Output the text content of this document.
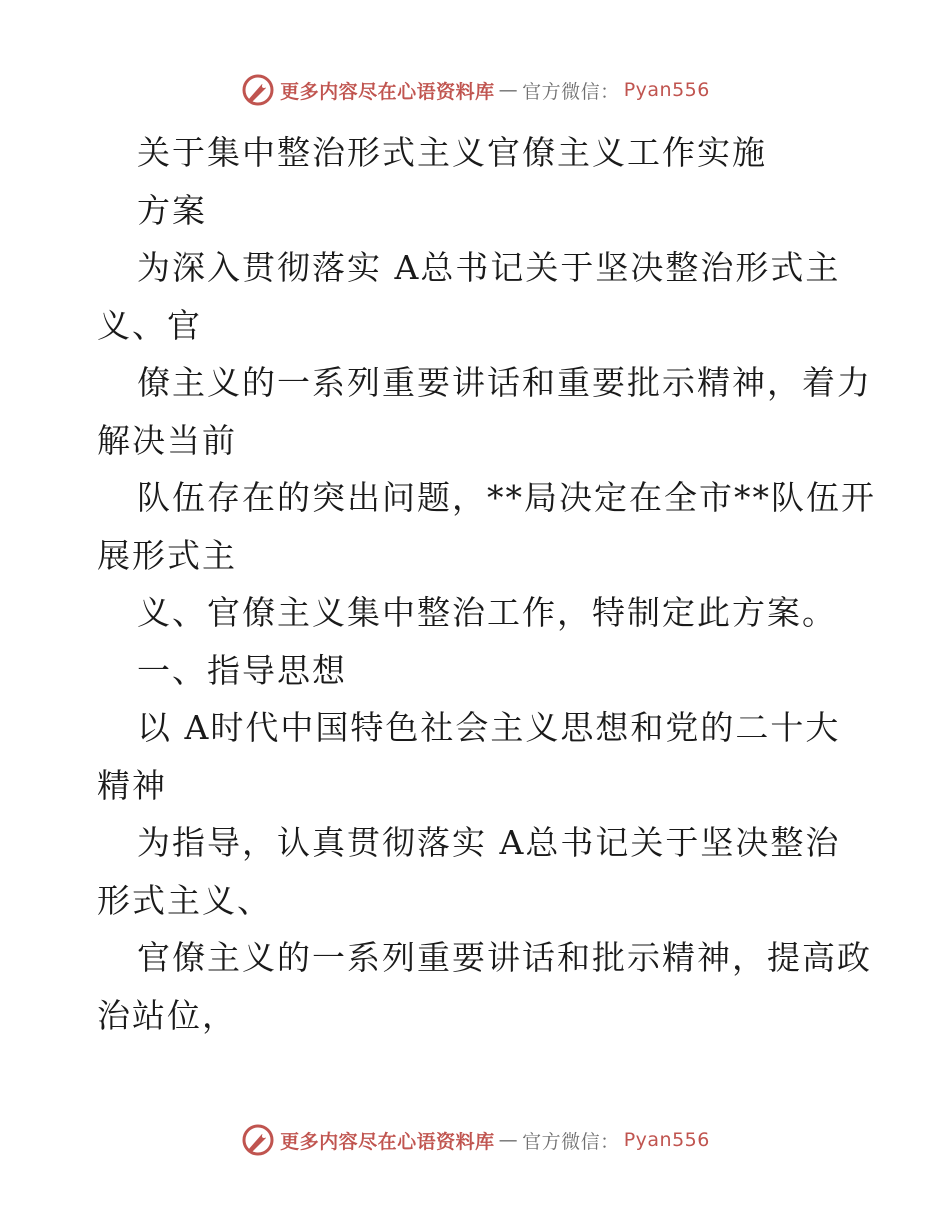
更多内容尽在心语资料库 — 官方微信： Pyan556
关于集中整治形式主义官僚主义工作实施
方案
为深入贯彻落实 A总书记关于坚决整治形式主
义、官
僚主义的一系列重要讲话和重要批示精神，着力
解决当前
队伍存在的突出问题，**局决定在全市**队伍开
展形式主
义、官僚主义集中整治工作，特制定此方案。
一、指导思想
以 A时代中国特色社会主义思想和党的二十大
精神
为指导，认真贯彻落实 A总书记关于坚决整治
形式主义、
官僚主义的一系列重要讲话和批示精神，提高政
治站位，
更多内容尽在心语资料库 — 官方微信： Pyan556
